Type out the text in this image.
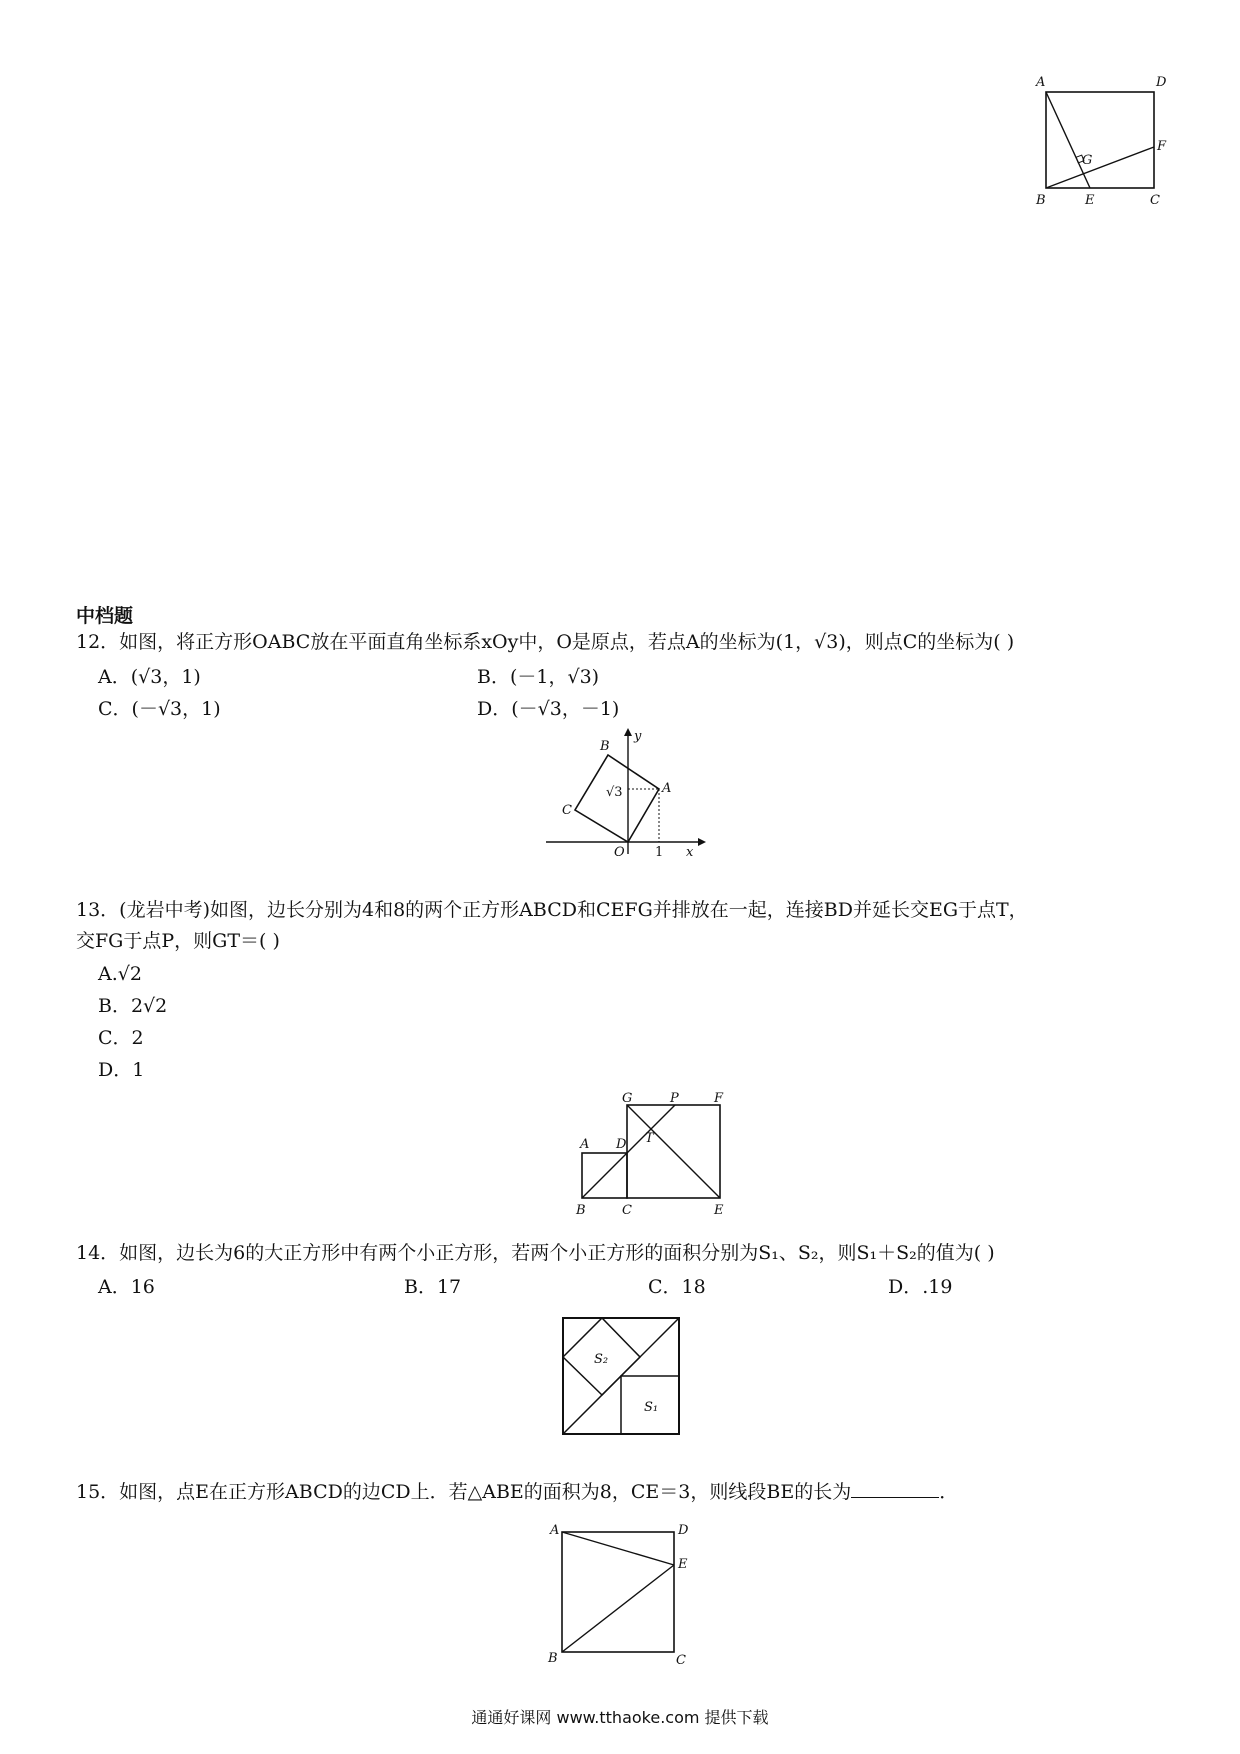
A	D
G
F
B	E	C
中档题
12．如图，将正方形OABC放在平面直角坐标系xOy中，O是原点，若点A的坐标为(1，√3)，则点C的坐标为( )
A．(√3，1)	B．(－1，√3)
C．(－√3，1)	D．(－√3，－1)
B
y
A
√3
C
O 1 x
13．(龙岩中考)如图，边长分别为4和8的两个正方形ABCD和CEFG并排放在一起，连接BD并延长交EG于点T，
交FG于点P，则GT＝( )
A.√2
B．2√2
C．2
D．1
A D
G	P	F
T
B	C	E
14．如图，边长为6的大正方形中有两个小正方形，若两个小正方形的面积分别为S₁、S₂，则S₁＋S₂的值为( )
A．16	B．17	C．18	D．.19
S₂
S₁
15．如图，点E在正方形ABCD的边CD上．若△ABE的面积为8，CE＝3，则线段BE的长为	．
A	D
E
B	C
通通好课网 www.tthaoke.com 提供下载
